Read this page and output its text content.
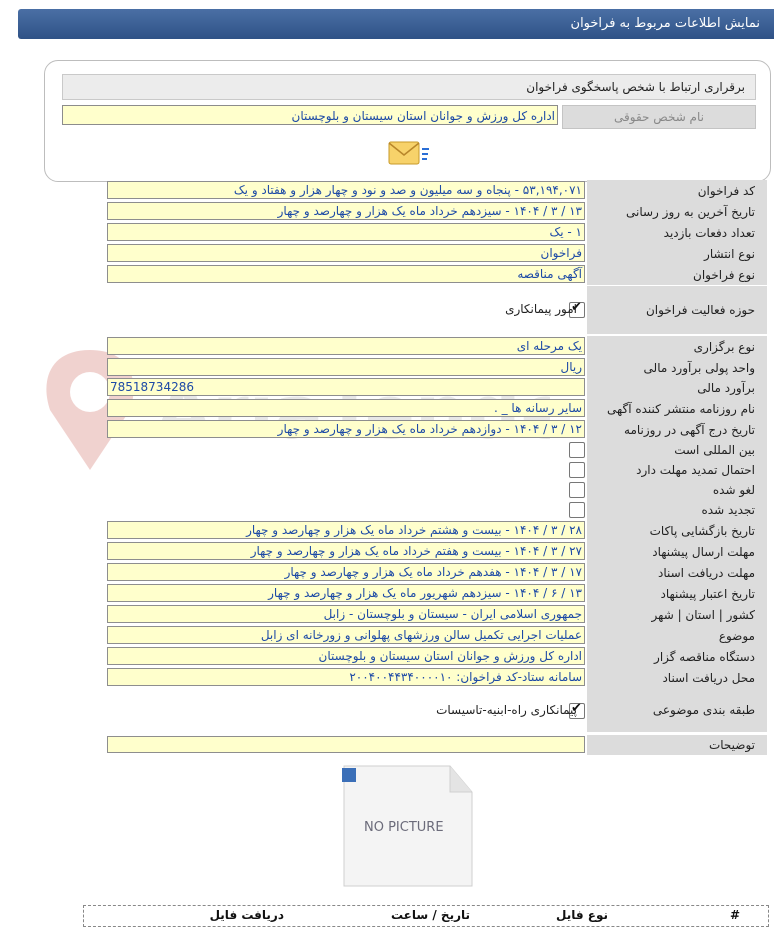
نمایش اطلاعات مربوط به فراخوان
برقراری ارتباط با شخص پاسخگوی فراخوان
نام شخص حقوقی
اداره کل ورزش و جوانان استان سیستان و بلوچستان
کد فراخوان
۵۳,۱۹۴,۰۷۱ - پنجاه و سه میلیون و صد و نود و چهار هزار و هفتاد و یک
تاریخ آخرین به روز رسانی
۱۳ / ۳ / ۱۴۰۴ - سیزدهم خرداد ماه یک هزار و چهارصد و چهار
تعداد دفعات بازدید
۱ - یک
نوع انتشار
فراخوان
نوع فراخوان
آگهی مناقصه
حوزه فعالیت فراخوان
✔
امور پیمانکاری
نوع برگزاری
یک مرحله ای
واحد پولی برآورد مالی
ریال
برآورد مالی
78518734286
نام روزنامه منتشر کننده آگهی
سایر رسانه ها _ .
تاریخ درج آگهی در روزنامه
۱۲ / ۳ / ۱۴۰۴ - دوازدهم خرداد ماه یک هزار و چهارصد و چهار
بین المللی است
احتمال تمدید مهلت دارد
لغو شده
تجدید شده
تاریخ بازگشایی پاکات
۲۸ / ۳ / ۱۴۰۴ - بیست و هشتم خرداد ماه یک هزار و چهارصد و چهار
مهلت ارسال پیشنهاد
۲۷ / ۳ / ۱۴۰۴ - بیست و هفتم خرداد ماه یک هزار و چهارصد و چهار
مهلت دریافت اسناد
۱۷ / ۳ / ۱۴۰۴ - هفدهم خرداد ماه یک هزار و چهارصد و چهار
تاریخ اعتبار پیشنهاد
۱۳ / ۶ / ۱۴۰۴ - سیزدهم شهریور ماه یک هزار و چهارصد و چهار
کشور | استان | شهر
جمهوری اسلامی ایران - سیستان و بلوچستان - زابل
موضوع
عملیات اجرایی تکمیل سالن ورزشهای پهلوانی و زورخانه ای زابل
دستگاه مناقصه گزار
اداره کل ورزش و جوانان استان سیستان و بلوچستان
محل دریافت اسناد
سامانه ستاد-کد فراخوان: ۲۰۰۴۰۰۴۴۳۴۰۰۰۰۱۰
طبقه بندی موضوعی
✔
پیمانکاری راه-ابنیه-تاسیسات
توضیحات
NO PICTURE
#
نوع فایل
تاریخ / ساعت
دریافت فایل
